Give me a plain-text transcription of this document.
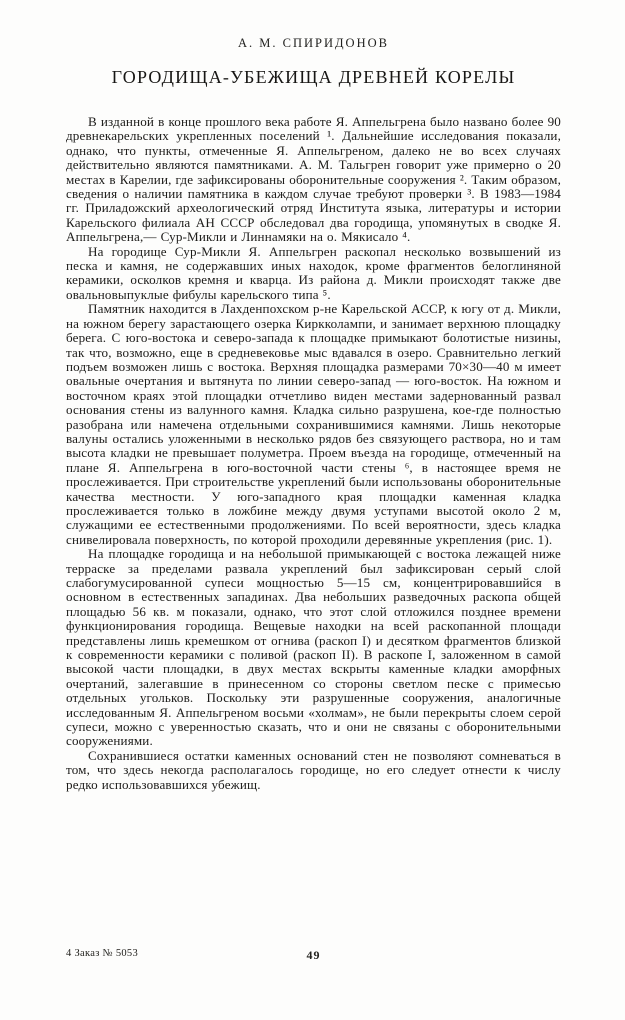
А. М. СПИРИДОНОВ
ГОРОДИЩА-УБЕЖИЩА ДРЕВНЕЙ КОРЕЛЫ

В изданной в конце прошлого века работе Я. Аппельгрена было названо более 90 древнекарельских укрепленных поселений ¹. Дальнейшие исследования показали, однако, что пункты, отмеченные Я. Аппельгреном, далеко не во всех случаях действительно являются памятниками. А. М. Тальгрен говорит уже примерно о 20 местах в Карелии, где зафиксированы оборонительные сооружения ². Таким образом, сведения о наличии памятника в каждом случае требуют проверки ³. В 1983—1984 гг. Приладожский археологический отряд Института языка, литературы и истории Карельского филиала АН СССР обследовал два городища, упомянутых в сводке Я. Аппельгрена,— Сур-Микли и Линнамяки на о. Мякисало ⁴.

На городище Сур-Микли Я. Аппельгрен раскопал несколько возвышений из песка и камня, не содержавших иных находок, кроме фрагментов белоглиняной керамики, осколков кремня и кварца. Из района д. Микли происходят также две овальновыпуклые фибулы карельского типа ⁵.

Памятник находится в Лахденпохском р-не Карельской АССР, к югу от д. Микли, на южном берегу зарастающего озерка Киркколампи, и занимает верхнюю площадку берега. С юго-востока и северо-запада к площадке примыкают болотистые низины, так что, возможно, еще в средневековье мыс вдавался в озеро. Сравнительно легкий подъем возможен лишь с востока. Верхняя площадка размерами 70×30—40 м имеет овальные очертания и вытянута по линии северо-запад — юго-восток. На южном и восточном краях этой площадки отчетливо виден местами задернованный развал основания стены из валунного камня. Кладка сильно разрушена, кое-где полностью разобрана или намечена отдельными сохранившимися камнями. Лишь некоторые валуны остались уложенными в несколько рядов без связующего раствора, но и там высота кладки не превышает полуметра. Проем въезда на городище, отмеченный на плане Я. Аппельгрена в юго-восточной части стены ⁶, в настоящее время не прослеживается. При строительстве укреплений были использованы оборонительные качества местности. У юго-западного края площадки каменная кладка прослеживается только в ложбине между двумя уступами высотой около 2 м, служащими ее естественными продолжениями. По всей вероятности, здесь кладка снивелировала поверхность, по которой проходили деревянные укрепления (рис. 1).

На площадке городища и на небольшой примыкающей с востока лежащей ниже терраске за пределами развала укреплений был зафиксирован серый слой слабогумусированной супеси мощностью 5—15 см, концентрировавшийся в основном в естественных западинах. Два небольших разведочных раскопа общей площадью 56 кв. м показали, однако, что этот слой отложился позднее времени функционирования городища. Вещевые находки на всей раскопанной площади представлены лишь кремешком от огнива (раскоп I) и десятком фрагментов близкой к современности керамики с поливой (раскоп II). В раскопе I, заложенном в самой высокой части площадки, в двух местах вскрыты каменные кладки аморфных очертаний, залегавшие в принесенном со стороны светлом песке с примесью отдельных угольков. Поскольку эти разрушенные сооружения, аналогичные исследованным Я. Аппельгреном восьми «холмам», не были перекрыты слоем серой супеси, можно с уверенностью сказать, что и они не связаны с оборонительными сооружениями.

Сохранившиеся остатки каменных оснований стен не позволяют сомневаться в том, что здесь некогда располагалось городище, но его следует отнести к числу редко использовавшихся убежищ.

4 Заказ № 5053	49
